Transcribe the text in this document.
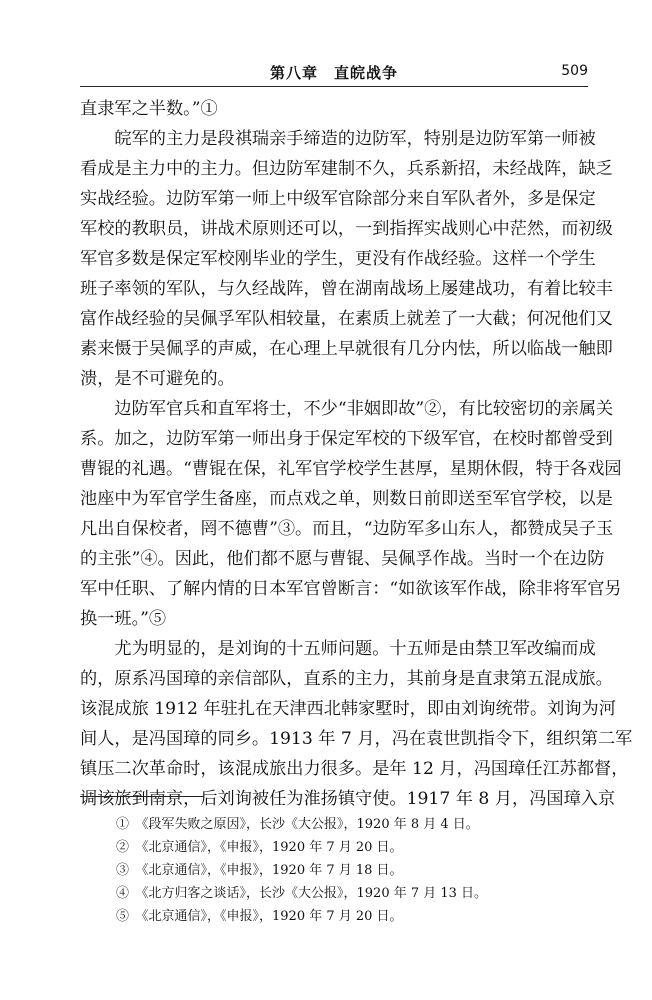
第八章　直皖战争	509
直隶军之半数。”①
　　皖军的主力是段祺瑞亲手缔造的边防军，特别是边防军第一师被
看成是主力中的主力。但边防军建制不久，兵系新招，未经战阵，缺乏
实战经验。边防军第一师上中级军官除部分来自军队者外，多是保定
军校的教职员，讲战术原则还可以，一到指挥实战则心中茫然，而初级
军官多数是保定军校刚毕业的学生，更没有作战经验。这样一个学生
班子率领的军队，与久经战阵，曾在湖南战场上屡建战功，有着比较丰
富作战经验的吴佩孚军队相较量，在素质上就差了一大截；何况他们又
素来慑于吴佩孚的声威，在心理上早就很有几分内怯，所以临战一触即
溃，是不可避免的。
　　边防军官兵和直军将士，不少“非姻即故”②，有比较密切的亲属关
系。加之，边防军第一师出身于保定军校的下级军官，在校时都曾受到
曹锟的礼遇。“曹锟在保，礼军官学校学生甚厚，星期休假，特于各戏园
池座中为军官学生备座，而点戏之单，则数日前即送至军官学校，以是
凡出自保校者，罔不德曹”③。而且，“边防军多山东人，都赞成吴子玉
的主张”④。因此，他们都不愿与曹锟、吴佩孚作战。当时一个在边防
军中任职、了解内情的日本军官曾断言：“如欲该军作战，除非将军官另
换一班。”⑤
　　尤为明显的，是刘询的十五师问题。十五师是由禁卫军改编而成
的，原系冯国璋的亲信部队，直系的主力，其前身是直隶第五混成旅。
该混成旅 1912 年驻扎在天津西北韩家墅时，即由刘询统带。刘询为河
间人，是冯国璋的同乡。1913 年 7 月，冯在袁世凯指令下，组织第二军
镇压二次革命时，该混成旅出力很多。是年 12 月，冯国璋任江苏都督，
调该旅到南京，后刘询被任为淮扬镇守使。1917 年 8 月，冯国璋入京
①　《段军失败之原因》，长沙《大公报》，1920 年 8 月 4 日。
②　《北京通信》，《申报》，1920 年 7 月 20 日。
③　《北京通信》，《申报》，1920 年 7 月 18 日。
④　《北方归客之谈话》，长沙《大公报》，1920 年 7 月 13 日。
⑤　《北京通信》，《申报》，1920 年 7 月 20 日。
